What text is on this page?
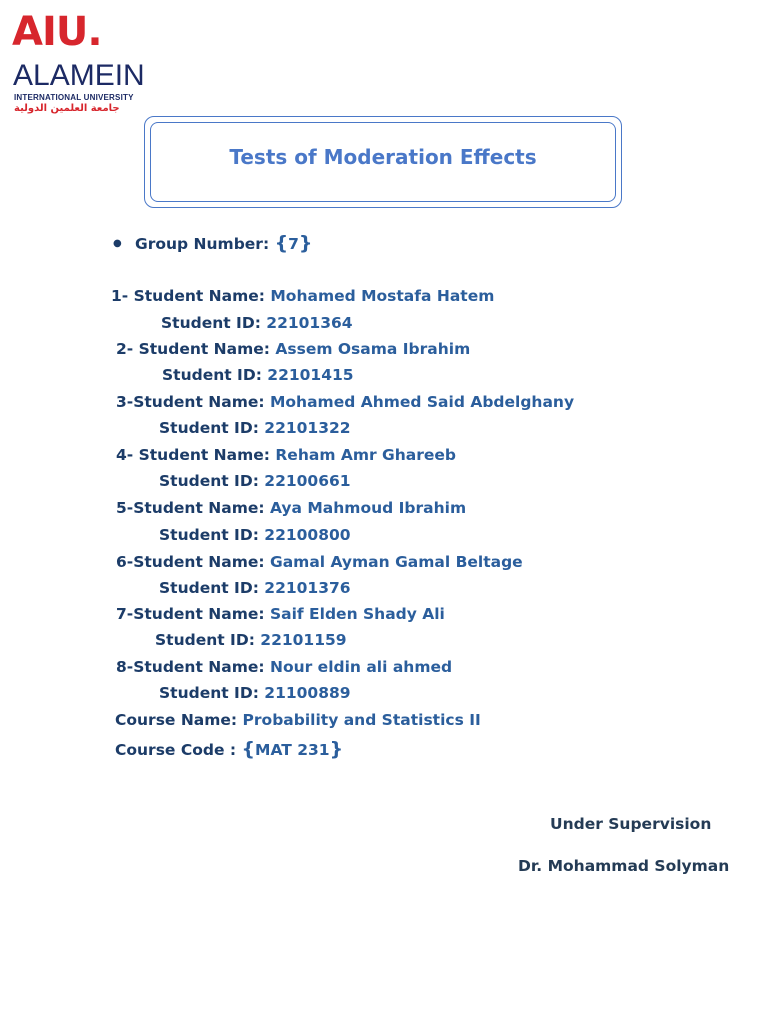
AIU.
ALAMEIN
INTERNATIONAL UNIVERSITY
جامعة العلمين الدولية
Tests of Moderation Effects
● Group Number: {7}
1- Student Name: Mohamed Mostafa Hatem
Student ID: 22101364
2- Student Name: Assem Osama Ibrahim
Student ID: 22101415
3-Student Name: Mohamed Ahmed Said Abdelghany
Student ID: 22101322
4- Student Name: Reham Amr Ghareeb
Student ID: 22100661
5-Student Name: Aya Mahmoud Ibrahim
Student ID: 22100800
6-Student Name: Gamal Ayman Gamal Beltage
Student ID: 22101376
7-Student Name: Saif Elden Shady Ali
Student ID: 22101159
8-Student Name: Nour eldin ali ahmed
Student ID: 21100889
Course Name: Probability and Statistics II
Course Code : {MAT 231}
Under Supervision
Dr. Mohammad Solyman
